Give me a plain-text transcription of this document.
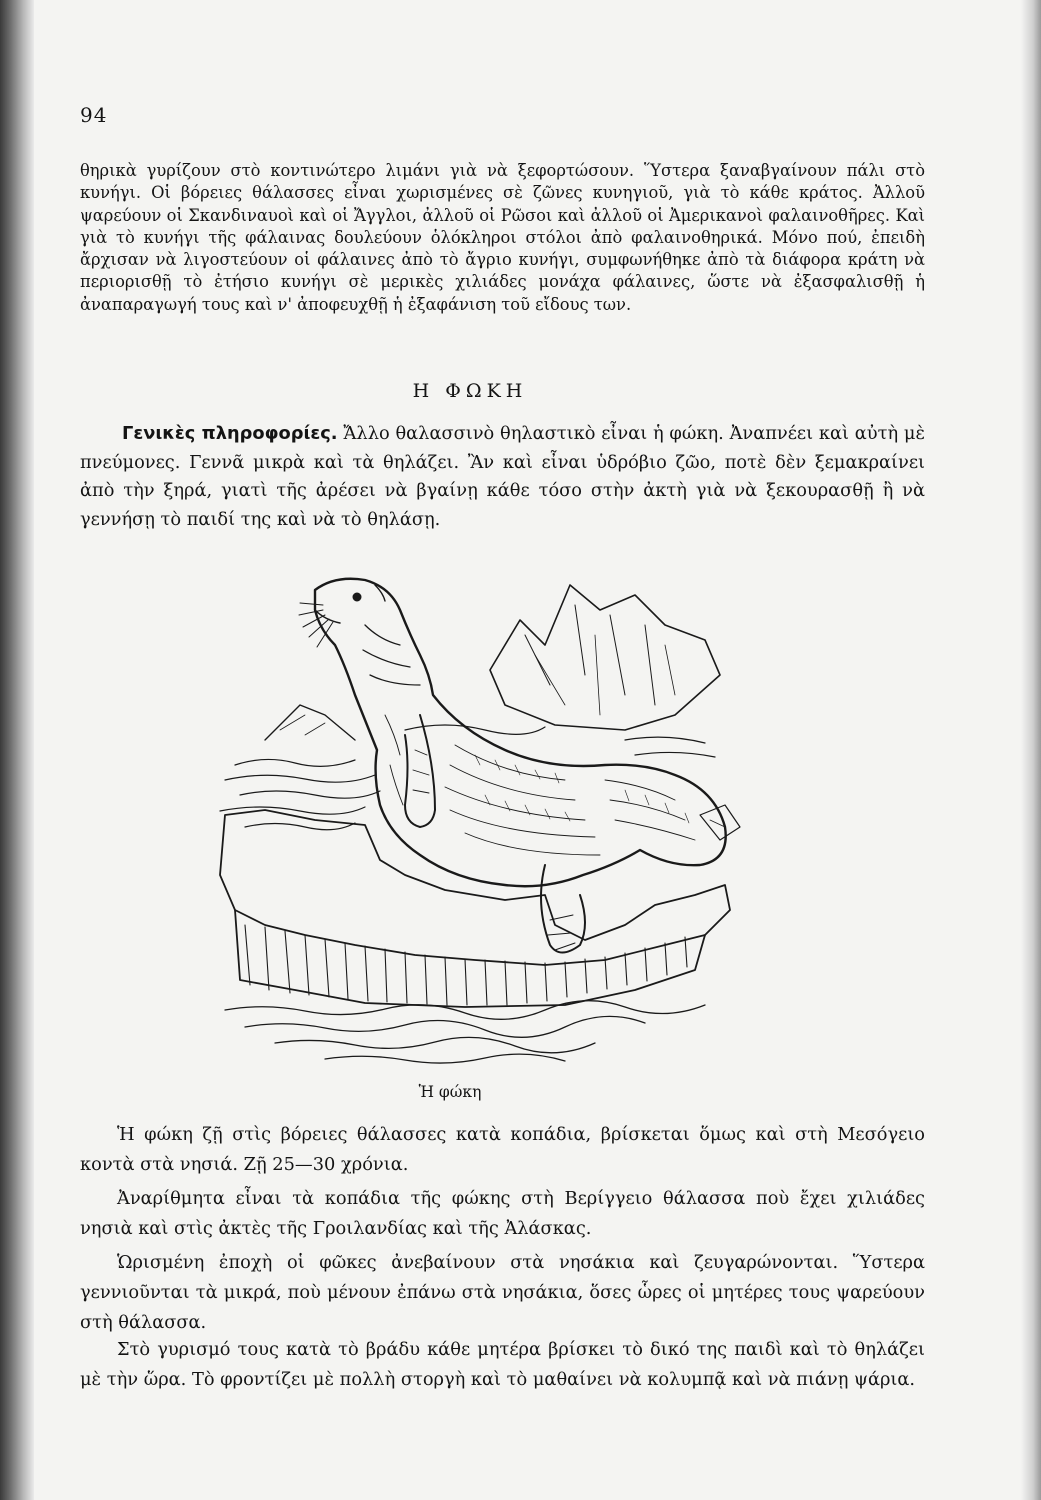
94

θηρικὰ γυρίζουν στὸ κοντινώτερο λιμάνι γιὰ νὰ ξεφορτώσουν. Ὕστερα ξαναβγαίνουν πάλι στὸ κυνήγι. Οἱ βόρειες θάλασσες εἶναι χωρισμένες σὲ ζῶνες κυνηγιοῦ, γιὰ τὸ κάθε κράτος. Ἀλλοῦ ψαρεύουν οἱ Σκανδιναυοὶ καὶ οἱ Ἄγγλοι, ἀλλοῦ οἱ Ρῶσοι καὶ ἀλλοῦ οἱ Ἀμερικανοὶ φαλαινοθῆρες. Καὶ γιὰ τὸ κυνήγι τῆς φάλαινας δουλεύουν ὁλόκληροι στόλοι ἀπὸ φαλαινοθηρικά. Μόνο πού, ἐπειδὴ ἄρχισαν νὰ λιγοστεύουν οἱ φάλαινες ἀπὸ τὸ ἄγριο κυνήγι, συμφωνήθηκε ἀπὸ τὰ διάφορα κράτη νὰ περιορισθῇ τὸ ἐτήσιο κυνήγι σὲ μερικὲς χιλιάδες μονάχα φάλαινες, ὥστε νὰ ἐξασφαλισθῇ ἡ ἀναπαραγωγή τους καὶ ν' ἀποφευχθῇ ἡ ἐξαφάνιση τοῦ εἴδους των.

Η ΦΩΚΗ

Γενικὲς πληροφορίες. Ἄλλο θαλασσινὸ θηλαστικὸ εἶναι ἡ φώκη. Ἀναπνέει καὶ αὐτὴ μὲ πνεύμονες. Γεννᾶ μικρὰ καὶ τὰ θηλάζει. Ἂν καὶ εἶναι ὑδρόβιο ζῶο, ποτὲ δὲν ξεμακραίνει ἀπὸ τὴν ξηρά, γιατὶ τῆς ἀρέσει νὰ βγαίνῃ κάθε τόσο στὴν ἀκτὴ γιὰ νὰ ξεκουρασθῇ ἢ νὰ γεννήσῃ τὸ παιδί της καὶ νὰ τὸ θηλάσῃ.

Ἡ φώκη

Ἡ φώκη ζῇ στὶς βόρειες θάλασσες κατὰ κοπάδια, βρίσκεται ὅμως καὶ στὴ Μεσόγειο κοντὰ στὰ νησιά. Ζῇ 25—30 χρόνια.

Ἀναρίθμητα εἶναι τὰ κοπάδια τῆς φώκης στὴ Βερίγγειο θάλασσα ποὺ ἔχει χιλιάδες νησιὰ καὶ στὶς ἀκτὲς τῆς Γροιλανδίας καὶ τῆς Ἀλάσκας.

Ὡρισμένη ἐποχὴ οἱ φῶκες ἀνεβαίνουν στὰ νησάκια καὶ ζευγαρώνονται. Ὕστερα γεννιοῦνται τὰ μικρά, ποὺ μένουν ἐπάνω στὰ νησάκια, ὅσες ὧρες οἱ μητέρες τους ψαρεύουν στὴ θάλασσα.

Στὸ γυρισμό τους κατὰ τὸ βράδυ κάθε μητέρα βρίσκει τὸ δικό της παιδὶ καὶ τὸ θηλάζει μὲ τὴν ὥρα. Τὸ φροντίζει μὲ πολλὴ στοργὴ καὶ τὸ μαθαίνει νὰ κολυμπᾷ καὶ νὰ πιάνῃ ψάρια.
